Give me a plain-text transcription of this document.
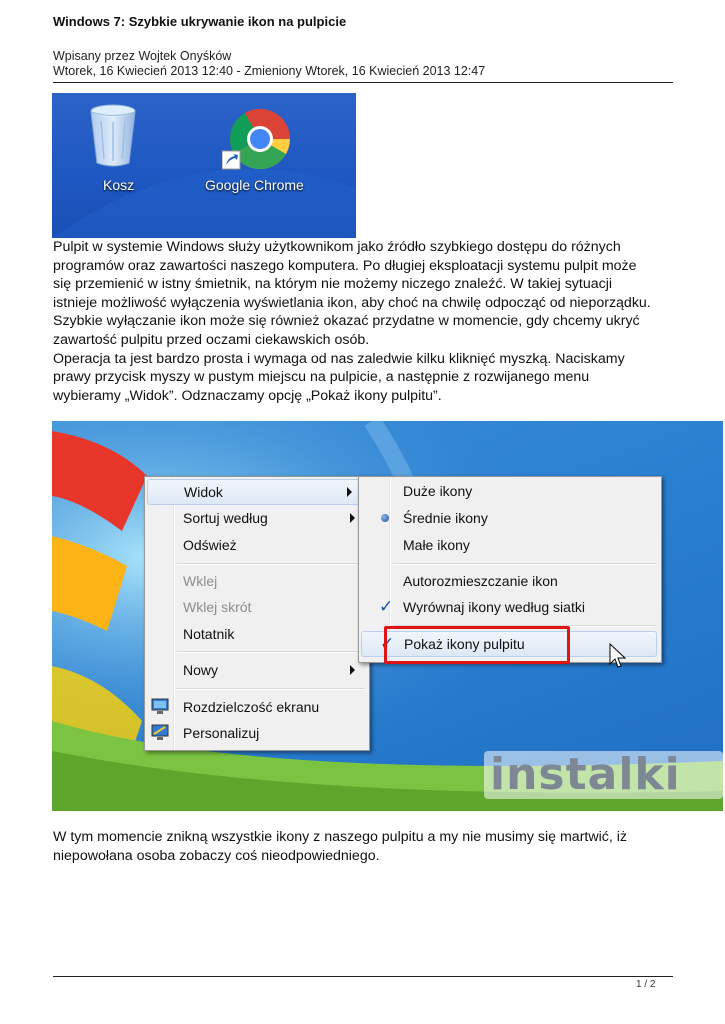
Windows 7: Szybkie ukrywanie ikon na pulpicie
Wpisany przez Wojtek Onyśków
Wtorek, 16 Kwiecień 2013 12:40 - Zmieniony Wtorek, 16 Kwiecień 2013 12:47
Kosz	Google Chrome
Pulpit w systemie Windows służy użytkownikom jako źródło szybkiego dostępu do różnych
programów oraz zawartości naszego komputera. Po długiej eksploatacji systemu pulpit może
się przemienić w istny śmietnik, na którym nie możemy niczego znaleźć. W takiej sytuacji
istnieje możliwość wyłączenia wyświetlania ikon, aby choć na chwilę odpocząć od nieporządku.
Szybkie wyłączanie ikon może się również okazać przydatne w momencie, gdy chcemy ukryć
zawartość pulpitu przed oczami ciekawskich osób.
Operacja ta jest bardzo prosta i wymaga od nas zaledwie kilku kliknięć myszką. Naciskamy
prawy przycisk myszy w pustym miejscu na pulpicie, a następnie z rozwijanego menu
wybieramy „Widok”. Odznaczamy opcję „Pokaż ikony pulpitu”.
Widok
Sortuj według
Odśwież
Wklej
Wklej skrót
Notatnik
Nowy
Rozdzielczość ekranu
Personalizuj
Duże ikony
Średnie ikony
Małe ikony
Autorozmieszczanie ikon
✓ Wyrównaj ikony według siatki
✓ Pokaż ikony pulpitu
instalki
W tym momencie znikną wszystkie ikony z naszego pulpitu a my nie musimy się martwić, iż
niepowołana osoba zobaczy coś nieodpowiedniego.
1 / 2
